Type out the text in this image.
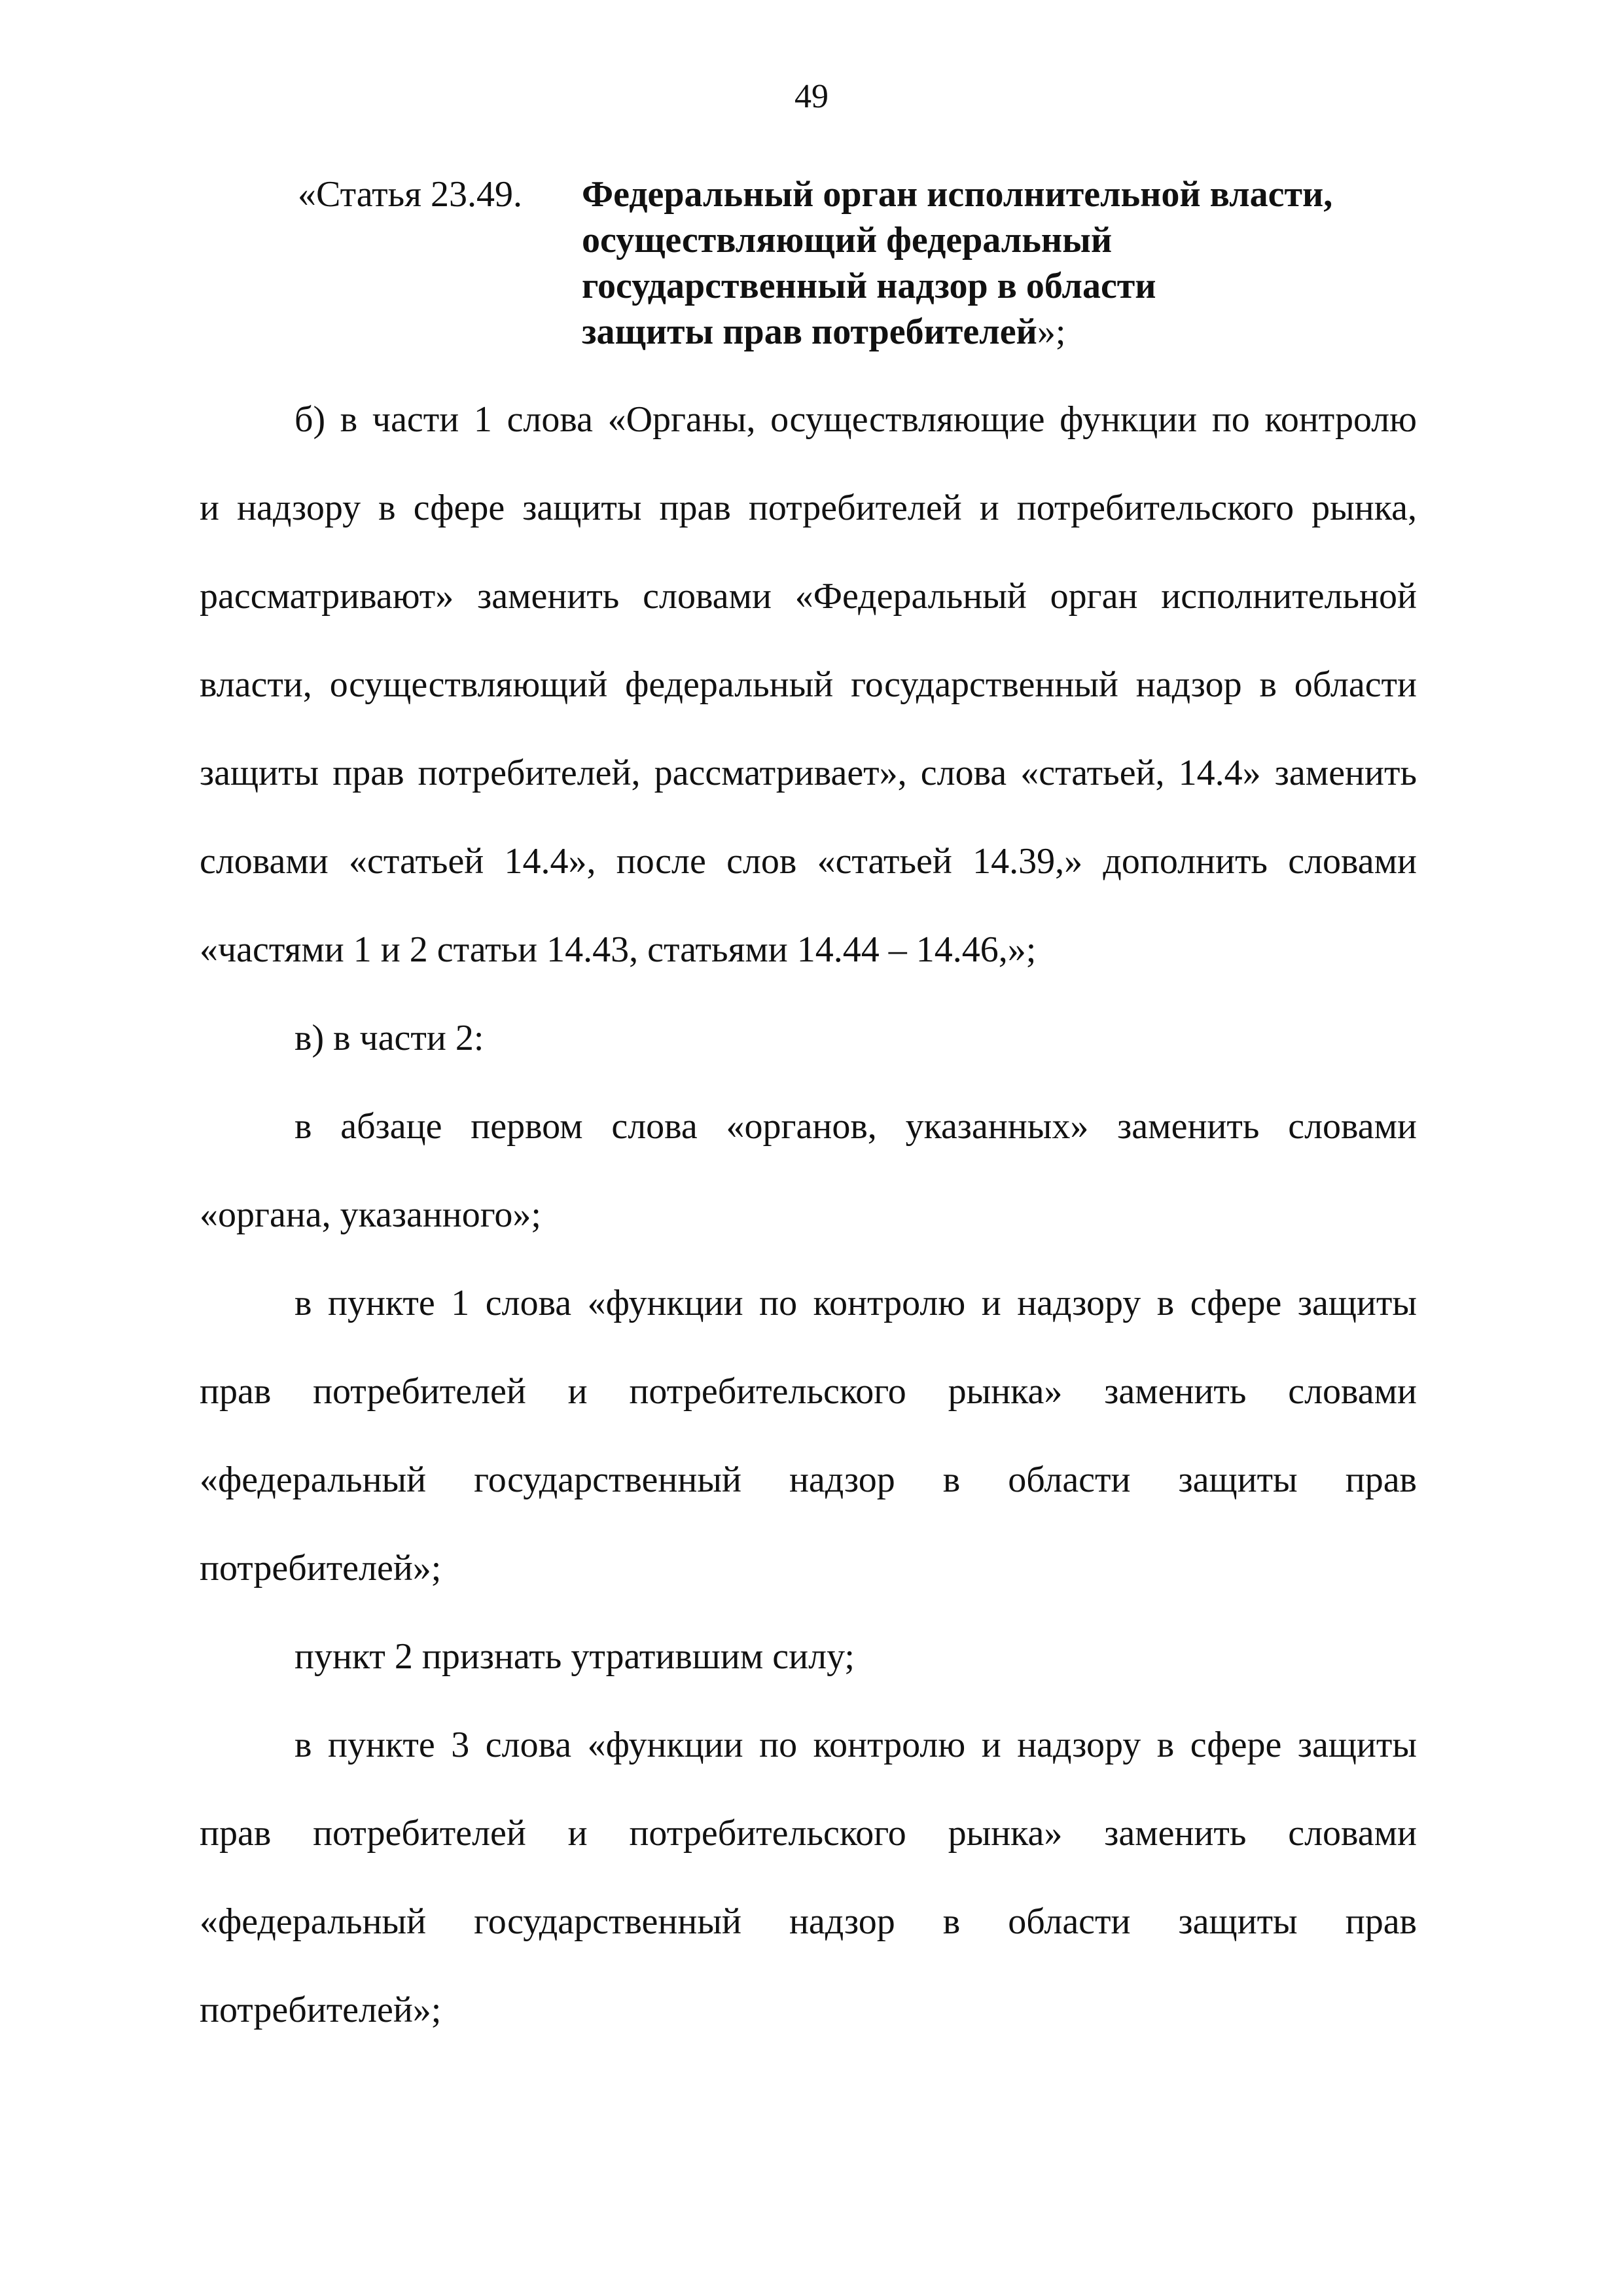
49
«Статья 23.49. Федеральный орган исполнительной власти,
осуществляющий федеральный
государственный надзор в области
защиты прав потребителей»;
б) в части 1 слова «Органы, осуществляющие функции по контролю
и надзору в сфере защиты прав потребителей и потребительского рынка,
рассматривают» заменить словами «Федеральный орган исполнительной
власти, осуществляющий федеральный государственный надзор в области
защиты прав потребителей, рассматривает», слова «статьей, 14.4» заменить
словами «статьей 14.4», после слов «статьей 14.39,» дополнить словами
«частями 1 и 2 статьи 14.43, статьями 14.44 – 14.46,»;
в) в части 2:
в абзаце первом слова «органов, указанных» заменить словами
«органа, указанного»;
в пункте 1 слова «функции по контролю и надзору в сфере защиты
прав потребителей и потребительского рынка» заменить словами
«федеральный государственный надзор в области защиты прав
потребителей»;
пункт 2 признать утратившим силу;
в пункте 3 слова «функции по контролю и надзору в сфере защиты
прав потребителей и потребительского рынка» заменить словами
«федеральный государственный надзор в области защиты прав
потребителей»;
